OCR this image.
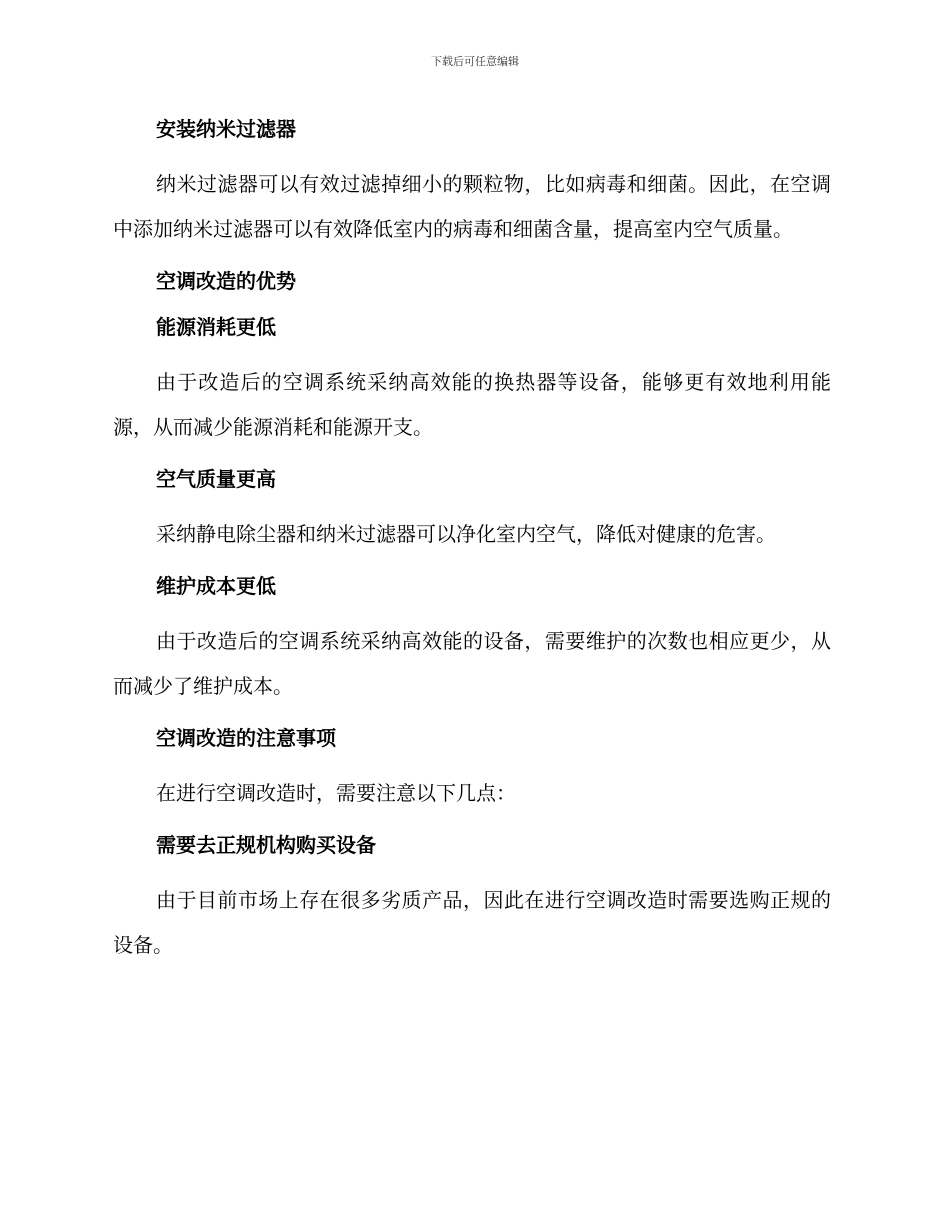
下载后可任意编辑
安装纳米过滤器

纳米过滤器可以有效过滤掉细小的颗粒物，比如病毒和细菌。因此，在空调中添加纳米过滤器可以有效降低室内的病毒和细菌含量，提高室内空气质量。

空调改造的优势
能源消耗更低

由于改造后的空调系统采纳高效能的换热器等设备，能够更有效地利用能源，从而减少能源消耗和能源开支。

空气质量更高

采纳静电除尘器和纳米过滤器可以净化室内空气，降低对健康的危害。

维护成本更低

由于改造后的空调系统采纳高效能的设备，需要维护的次数也相应更少，从而减少了维护成本。

空调改造的注意事项

在进行空调改造时，需要注意以下几点：

需要去正规机构购买设备

由于目前市场上存在很多劣质产品，因此在进行空调改造时需要选购正规的设备。
